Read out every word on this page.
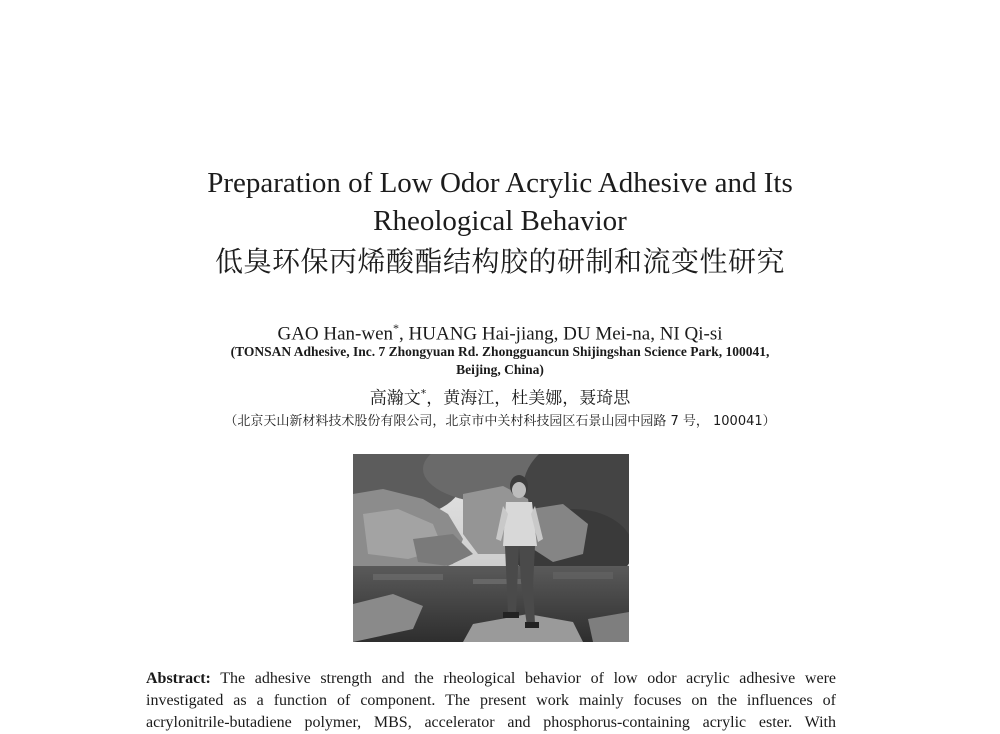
Preparation of Low Odor Acrylic Adhesive and Its
Rheological Behavior
低臭环保丙烯酸酯结构胶的研制和流变性研究
GAO Han-wen*, HUANG Hai-jiang, DU Mei-na, NI Qi-si
(TONSAN Adhesive, Inc. 7 Zhongyuan Rd. Zhongguancun Shijingshan Science Park, 100041,
Beijing, China)
高瀚文*，黄海江，杜美娜，聂琦思
（北京天山新材料技术股份有限公司，北京市中关村科技园区石景山园中园路 7 号， 100041）
Abstract: The adhesive strength and the rheological behavior of low odor acrylic adhesive were
investigated as a function of component. The present work mainly focuses on the influences of
acrylonitrile-butadiene polymer, MBS, accelerator and phosphorus-containing acrylic ester. With
